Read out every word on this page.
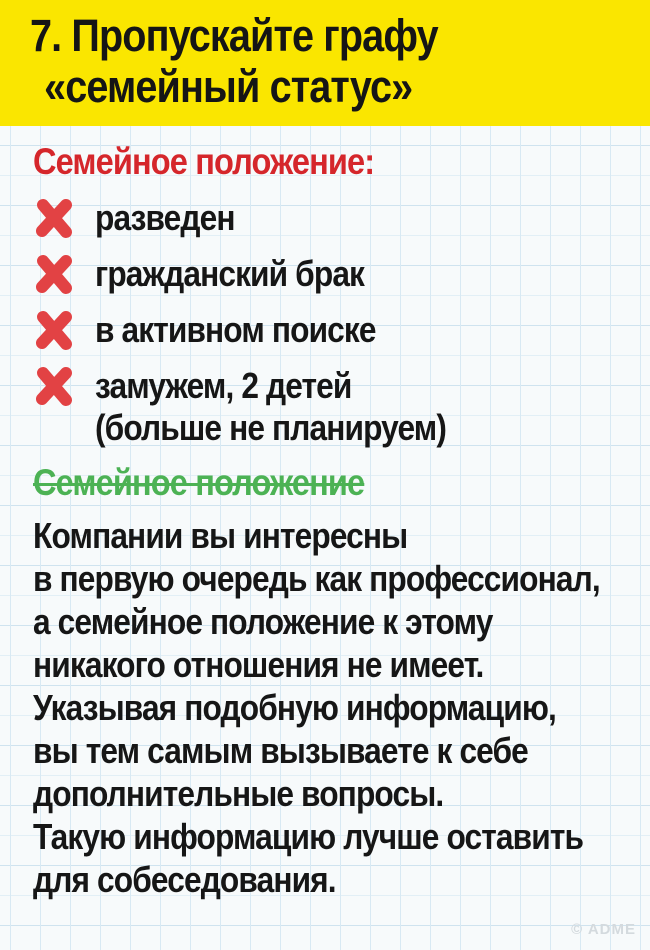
7. Пропускайте графу
«семейный статус»
Семейное положение:
разведен
гражданский брак
в активном поиске
замужем, 2 детей
(больше не планируем)
Семейное положение
Компании вы интересны
в первую очередь как профессионал,
а семейное положение к этому
никакого отношения не имеет.
Указывая подобную информацию,
вы тем самым вызываете к себе
дополнительные вопросы.
Такую информацию лучше оставить
для собеседования.
© ADME
